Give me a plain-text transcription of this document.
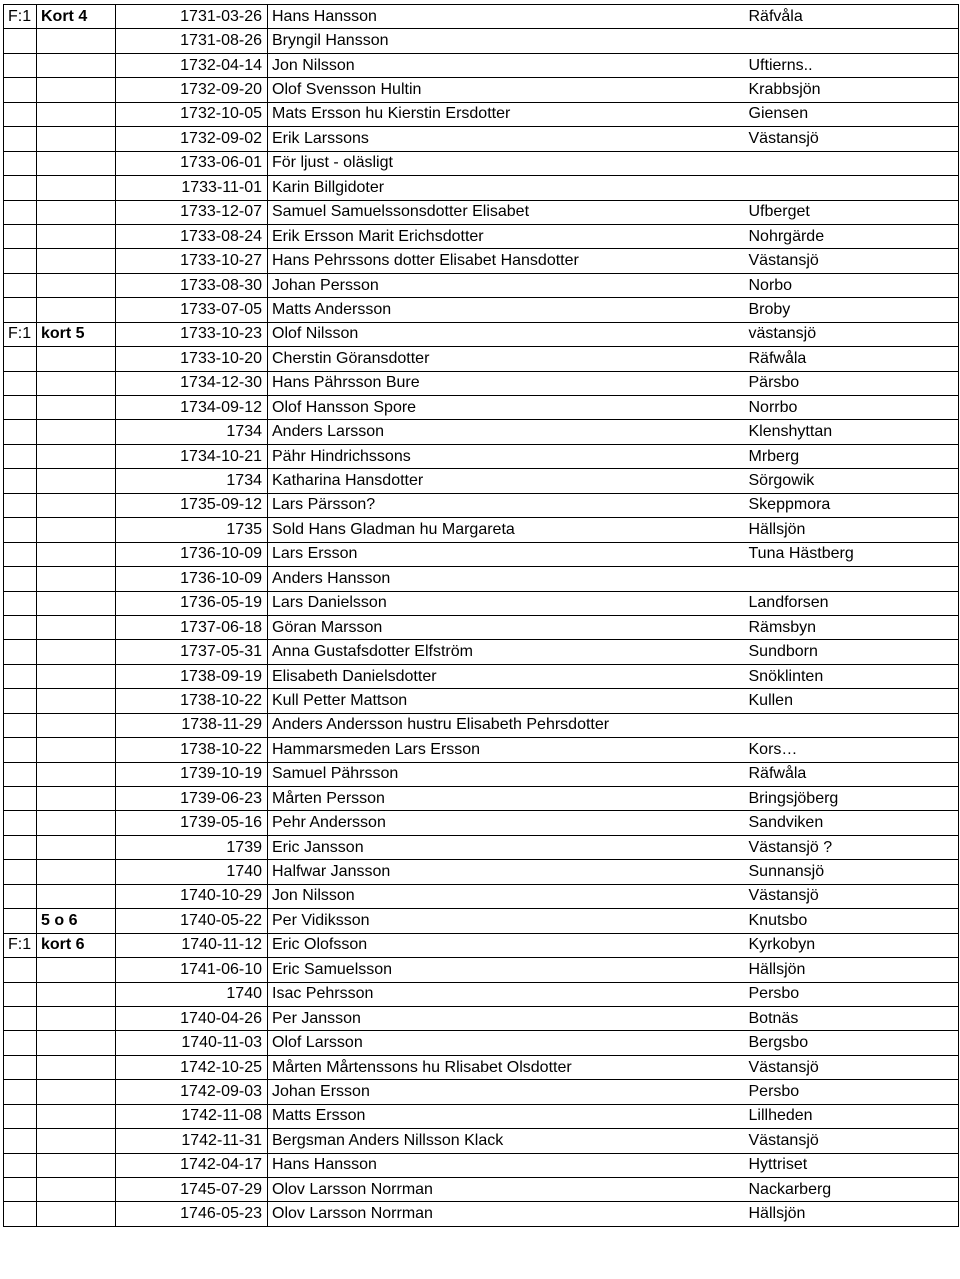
F:1	Kort 4	1731-03-26	Hans Hansson	Räfvåla
		1731-08-26	Bryngil Hansson	
		1732-04-14	Jon Nilsson	Uftierns..
		1732-09-20	Olof Svensson Hultin	Krabbsjön
		1732-10-05	Mats Ersson hu Kierstin Ersdotter	Giensen
		1732-09-02	Erik Larssons	Västansjö
		1733-06-01	För ljust - oläsligt	
		1733-11-01	Karin Billgidoter	
		1733-12-07	Samuel Samuelssonsdotter Elisabet	Ufberget
		1733-08-24	Erik Ersson Marit Erichsdotter	Nohrgärde
		1733-10-27	Hans Pehrssons dotter Elisabet Hansdotter	Västansjö
		1733-08-30	Johan Persson	Norbo
		1733-07-05	Matts Andersson	Broby
F:1	kort 5	1733-10-23	Olof Nilsson	västansjö
		1733-10-20	Cherstin Göransdotter	Räfwåla
		1734-12-30	Hans Pährsson Bure	Pärsbo
		1734-09-12	Olof Hansson Spore	Norrbo
		1734	Anders Larsson	Klenshyttan
		1734-10-21	Pähr Hindrichssons	Mrberg
		1734	Katharina Hansdotter	Sörgowik
		1735-09-12	Lars Pärsson?	Skeppmora
		1735	Sold Hans Gladman hu Margareta	Hällsjön
		1736-10-09	Lars Ersson	Tuna Hästberg
		1736-10-09	Anders Hansson	
		1736-05-19	Lars Danielsson	Landforsen
		1737-06-18	Göran Marsson	Rämsbyn
		1737-05-31	Anna Gustafsdotter Elfström	Sundborn
		1738-09-19	Elisabeth Danielsdotter	Snöklinten
		1738-10-22	Kull Petter Mattson	Kullen
		1738-11-29	Anders Andersson hustru Elisabeth Pehrsdotter	
		1738-10-22	Hammarsmeden Lars Ersson	Kors…
		1739-10-19	Samuel Pährsson	Räfwåla
		1739-06-23	Mårten Persson	Bringsjöberg
		1739-05-16	Pehr Andersson	Sandviken
		1739	Eric Jansson	Västansjö ?
		1740	Halfwar Jansson	Sunnansjö
		1740-10-29	Jon Nilsson	Västansjö
	5 o 6	1740-05-22	Per Vidiksson	Knutsbo
F:1	kort 6	1740-11-12	Eric Olofsson	Kyrkobyn
		1741-06-10	Eric Samuelsson	Hällsjön
		1740	Isac Pehrsson	Persbo
		1740-04-26	Per Jansson	Botnäs
		1740-11-03	Olof Larsson	Bergsbo
		1742-10-25	Mårten Mårtenssons hu Rlisabet Olsdotter	Västansjö
		1742-09-03	Johan Ersson	Persbo
		1742-11-08	Matts Ersson	Lillheden
		1742-11-31	Bergsman Anders Nillsson Klack	Västansjö
		1742-04-17	Hans Hansson	Hyttriset
		1745-07-29	Olov Larsson Norrman	Nackarberg
		1746-05-23	Olov Larsson Norrman	Hällsjön
